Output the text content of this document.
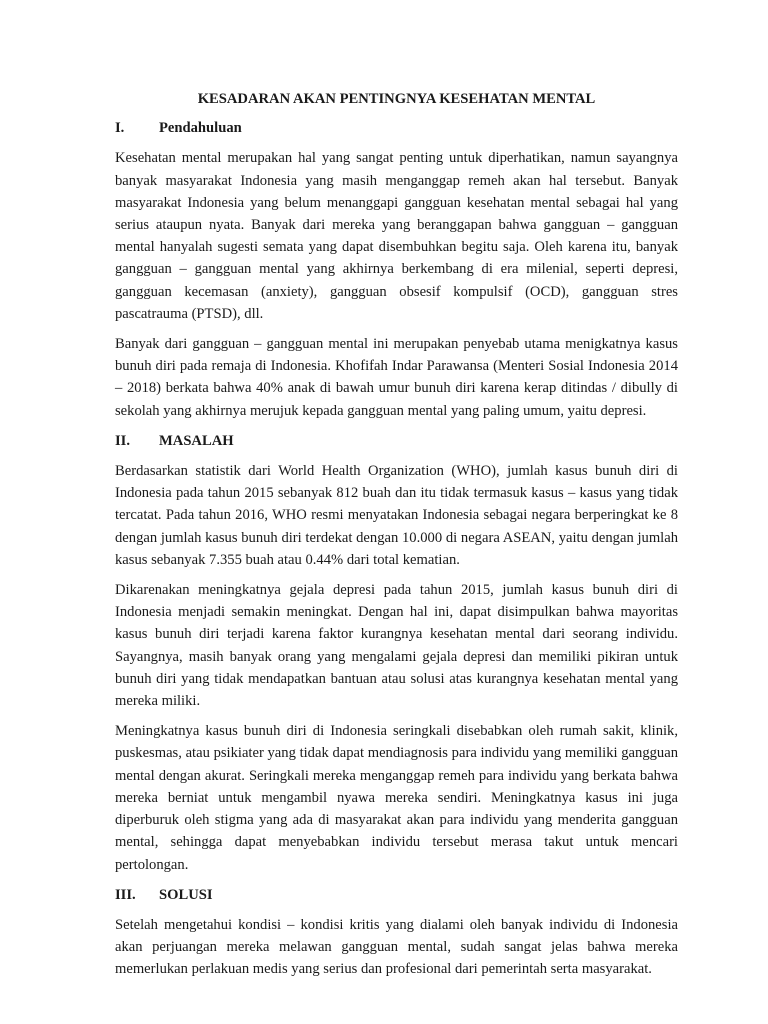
KESADARAN AKAN PENTINGNYA KESEHATAN MENTAL
I.	Pendahuluan

Kesehatan mental merupakan hal yang sangat penting untuk diperhatikan, namun sayangnya banyak masyarakat Indonesia yang masih menganggap remeh akan hal tersebut. Banyak masyarakat Indonesia yang belum menanggapi gangguan kesehatan mental sebagai hal yang serius ataupun nyata. Banyak dari mereka yang beranggapan bahwa gangguan – gangguan mental hanyalah sugesti semata yang dapat disembuhkan begitu saja. Oleh karena itu, banyak gangguan – gangguan mental yang akhirnya berkembang di era milenial, seperti depresi, gangguan kecemasan (anxiety), gangguan obsesif kompulsif (OCD), gangguan stres pascatrauma (PTSD), dll.

Banyak dari gangguan – gangguan mental ini merupakan penyebab utama menigkatnya kasus bunuh diri pada remaja di Indonesia. Khofifah Indar Parawansa (Menteri Sosial Indonesia 2014 – 2018) berkata bahwa 40% anak di bawah umur bunuh diri karena kerap ditindas / dibully di sekolah yang akhirnya merujuk kepada gangguan mental yang paling umum, yaitu depresi.

II.	MASALAH

Berdasarkan statistik dari World Health Organization (WHO), jumlah kasus bunuh diri di Indonesia pada tahun 2015 sebanyak 812 buah dan itu tidak termasuk kasus – kasus yang tidak tercatat. Pada tahun 2016, WHO resmi menyatakan Indonesia sebagai negara berperingkat ke 8 dengan jumlah kasus bunuh diri terdekat dengan 10.000 di negara ASEAN, yaitu dengan jumlah kasus sebanyak 7.355 buah atau 0.44% dari total kematian.

Dikarenakan meningkatnya gejala depresi pada tahun 2015, jumlah kasus bunuh diri di Indonesia menjadi semakin meningkat. Dengan hal ini, dapat disimpulkan bahwa mayoritas kasus bunuh diri terjadi karena faktor kurangnya kesehatan mental dari seorang individu. Sayangnya, masih banyak orang yang mengalami gejala depresi dan memiliki pikiran untuk bunuh diri yang tidak mendapatkan bantuan atau solusi atas kurangnya kesehatan mental yang mereka miliki.

Meningkatnya kasus bunuh diri di Indonesia seringkali disebabkan oleh rumah sakit, klinik, puskesmas, atau psikiater yang tidak dapat mendiagnosis para individu yang memiliki gangguan mental dengan akurat. Seringkali mereka menganggap remeh para individu yang berkata bahwa mereka berniat untuk mengambil nyawa mereka sendiri. Meningkatnya kasus ini juga diperburuk oleh stigma yang ada di masyarakat akan para individu yang menderita gangguan mental, sehingga dapat menyebabkan individu tersebut merasa takut untuk mencari pertolongan.

III.	SOLUSI

Setelah mengetahui kondisi – kondisi kritis yang dialami oleh banyak individu di Indonesia akan perjuangan mereka melawan gangguan mental, sudah sangat jelas bahwa mereka memerlukan perlakuan medis yang serius dan profesional dari pemerintah serta masyarakat.
